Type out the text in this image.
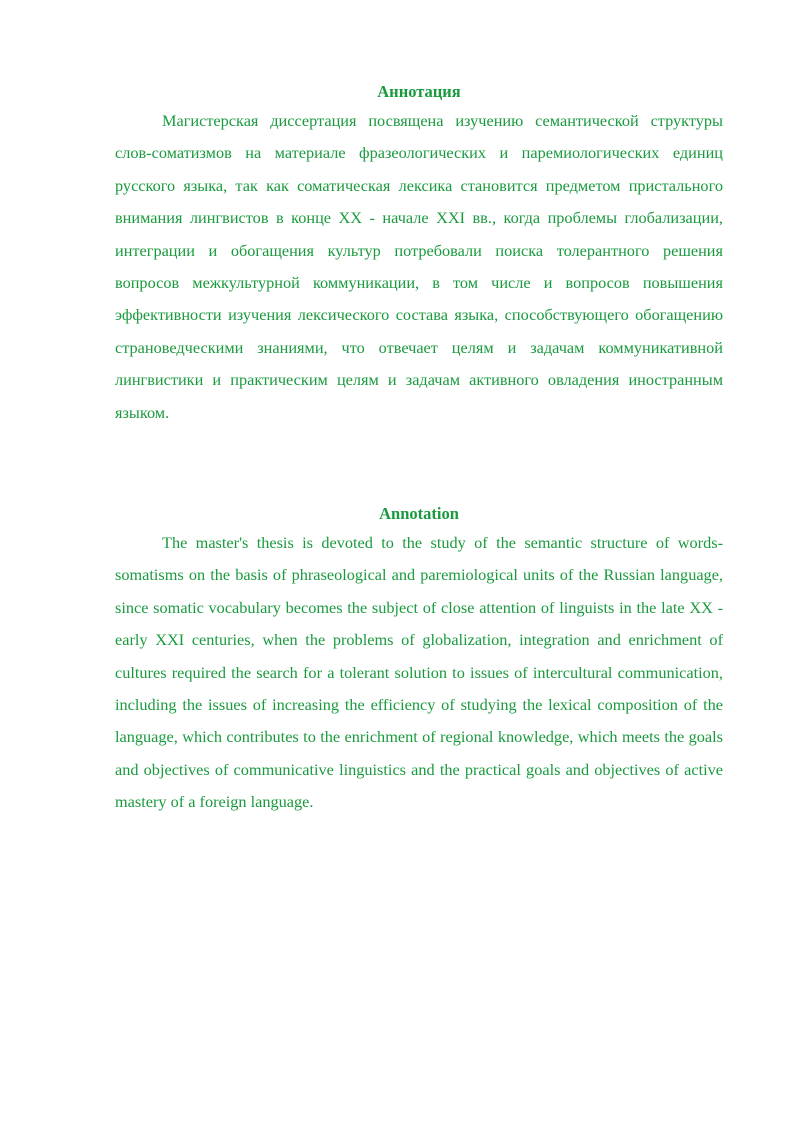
Аннотация

Магистерская диссертация посвящена изучению семантической структуры слов-соматизмов на материале фразеологических и паремиологических единиц русского языка, так как соматическая лексика становится предметом пристального внимания лингвистов в конце XX - начале XXI вв., когда проблемы глобализации, интеграции и обогащения культур потребовали поиска толерантного решения вопросов межкультурной коммуникации, в том числе и вопросов повышения эффективности изучения лексического состава языка, способствующего обогащению страноведческими знаниями, что отвечает целям и задачам коммуникативной лингвистики и практическим целям и задачам активного овладения иностранным языком.

Annotation

The master's thesis is devoted to the study of the semantic structure of words-somatisms on the basis of phraseological and paremiological units of the Russian language, since somatic vocabulary becomes the subject of close attention of linguists in the late XX - early XXI centuries, when the problems of globalization, integration and enrichment of cultures required the search for a tolerant solution to issues of intercultural communication, including the issues of increasing the efficiency of studying the lexical composition of the language, which contributes to the enrichment of regional knowledge, which meets the goals and objectives of communicative linguistics and the practical goals and objectives of active mastery of a foreign language.
